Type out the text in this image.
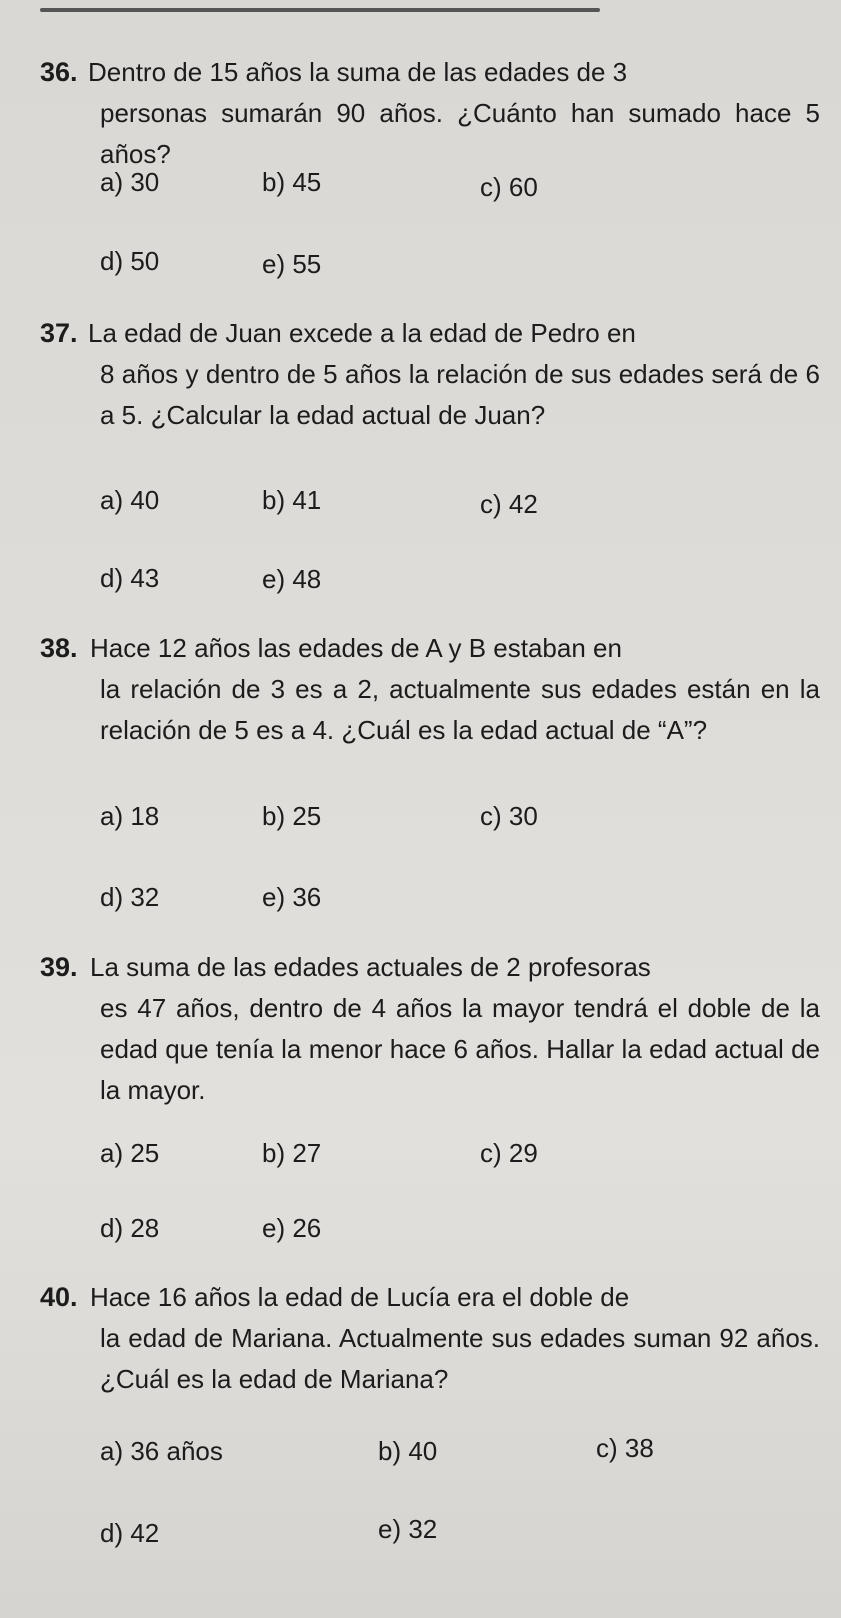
36. Dentro de 15 años la suma de las edades de 3
personas sumarán 90 años. ¿Cuánto han sumado hace 5 años?
a) 30	b) 45	c) 60
d) 50	e) 55
37. La edad de Juan excede a la edad de Pedro en
8 años y dentro de 5 años la relación de sus edades será de 6 a 5. ¿Calcular la edad actual de Juan?
a) 40	b) 41	c) 42
d) 43	e) 48
38. Hace 12 años las edades de A y B estaban en
la relación de 3 es a 2, actualmente sus edades están en la relación de 5 es a 4. ¿Cuál es la edad actual de “A”?
a) 18	b) 25	c) 30
d) 32	e) 36
39. La suma de las edades actuales de 2 profesoras
es 47 años, dentro de 4 años la mayor tendrá el doble de la edad que tenía la menor hace 6 años. Hallar la edad actual de la mayor.
a) 25	b) 27	c) 29
d) 28	e) 26
40. Hace 16 años la edad de Lucía era el doble de
la edad de Mariana. Actualmente sus edades suman 92 años. ¿Cuál es la edad de Mariana?
a) 36 años	b) 40	c) 38
d) 42	e) 32
